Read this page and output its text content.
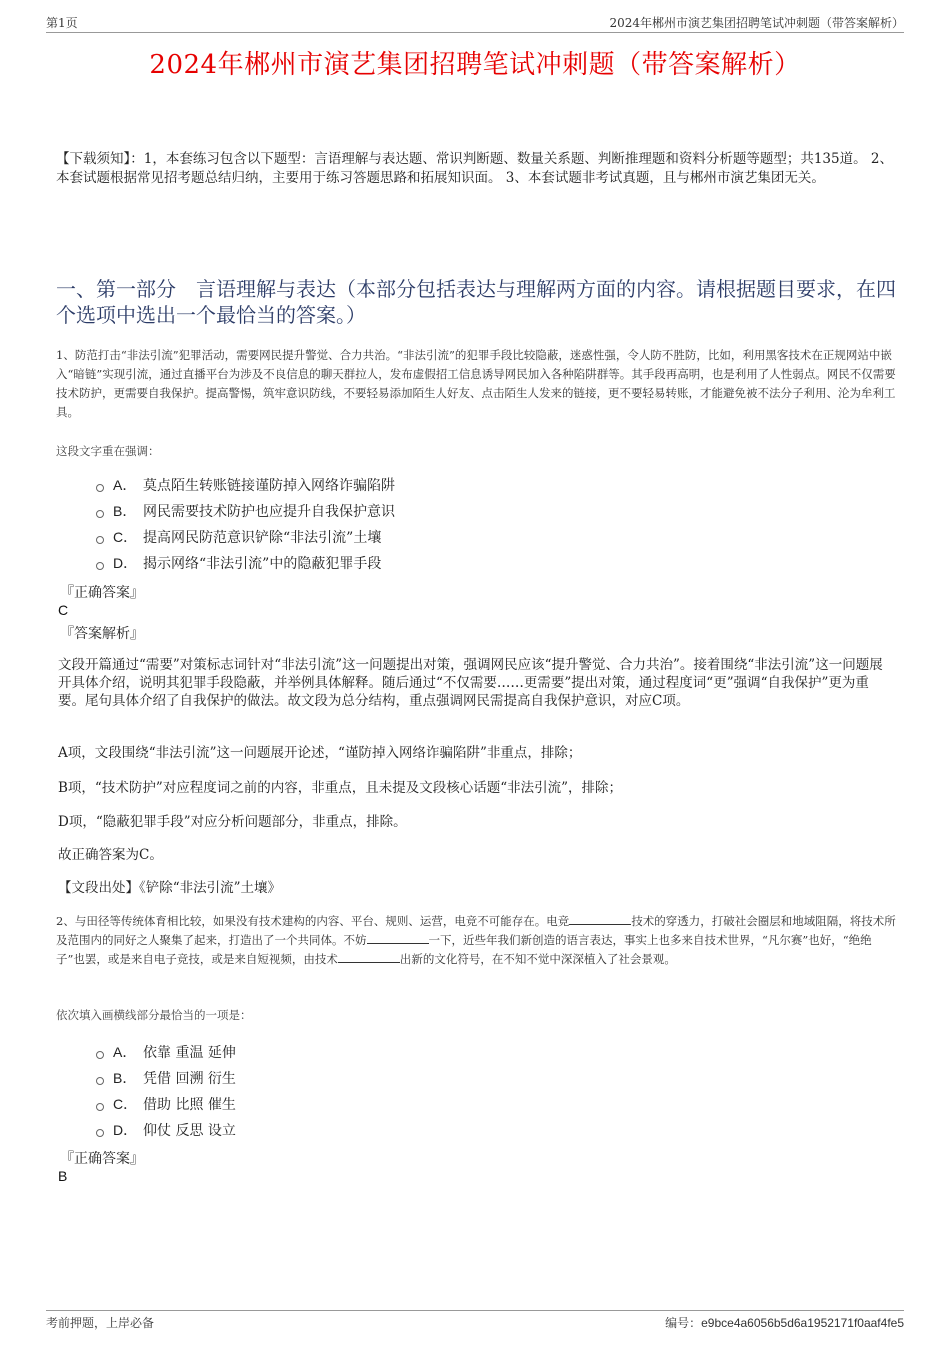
第1页	2024年郴州市演艺集团招聘笔试冲刺题（带答案解析）
2024年郴州市演艺集团招聘笔试冲刺题（带答案解析）
【下载须知】：1，本套练习包含以下题型：言语理解与表达题、常识判断题、数量关系题、判断推理题和资料分析题等题型；共135道。 2、本套试题根据常见招考题总结归纳，主要用于练习答题思路和拓展知识面。 3、本套试题非考试真题，且与郴州市演艺集团无关。
一、第一部分　言语理解与表达（本部分包括表达与理解两方面的内容。请根据题目要求，在四个选项中选出一个最恰当的答案。）
1、防范打击“非法引流”犯罪活动，需要网民提升警觉、合力共治。“非法引流”的犯罪手段比较隐蔽，迷惑性强，令人防不胜防，比如，利用黑客技术在正规网站中嵌入“暗链”实现引流，通过直播平台为涉及不良信息的聊天群拉人，发布虚假招工信息诱导网民加入各种陷阱群等。其手段再高明，也是利用了人性弱点。网民不仅需要技术防护，更需要自我保护。提高警惕，筑牢意识防线，不要轻易添加陌生人好友、点击陌生人发来的链接，更不要轻易转账，才能避免被不法分子利用、沦为牟利工具。
这段文字重在强调：
A． 莫点陌生转账链接谨防掉入网络诈骗陷阱
B． 网民需要技术防护也应提升自我保护意识
C． 提高网民防范意识铲除“非法引流”土壤
D． 揭示网络“非法引流”中的隐蔽犯罪手段
『正确答案』
C
『答案解析』
文段开篇通过“需要”对策标志词针对“非法引流”这一问题提出对策，强调网民应该“提升警觉、合力共治”。接着围绕“非法引流”这一问题展开具体介绍，说明其犯罪手段隐蔽，并举例具体解释。随后通过“不仅需要……更需要”提出对策，通过程度词“更”强调“自我保护”更为重要。尾句具体介绍了自我保护的做法。故文段为总分结构，重点强调网民需提高自我保护意识，对应C项。
A项，文段围绕“非法引流”这一问题展开论述，“谨防掉入网络诈骗陷阱”非重点，排除；
B项，“技术防护”对应程度词之前的内容，非重点，且未提及文段核心话题“非法引流”，排除；
D项，“隐蔽犯罪手段”对应分析问题部分，非重点，排除。
故正确答案为C。
【文段出处】《铲除“非法引流”土壤》
2、与田径等传统体育相比较，如果没有技术建构的内容、平台、规则、运营，电竞不可能存在。电竞	技术的穿透力，打破社会圈层和地域阻隔，将技术所及范围内的同好之人聚集了起来，打造出了一个共同体。不妨	一下，近些年我们新创造的语言表达，事实上也多来自技术世界，“凡尔赛”也好，“绝绝子”也罢，或是来自电子竞技，或是来自短视频，由技术	出新的文化符号，在不知不觉中深深植入了社会景观。
依次填入画横线部分最恰当的一项是：
A． 依靠 重温 延伸
B． 凭借 回溯 衍生
C． 借助 比照 催生
D． 仰仗 反思 设立
『正确答案』
B
考前押题，上岸必备	编号：e9bce4a6056b5d6a1952171f0aaf4fe5
